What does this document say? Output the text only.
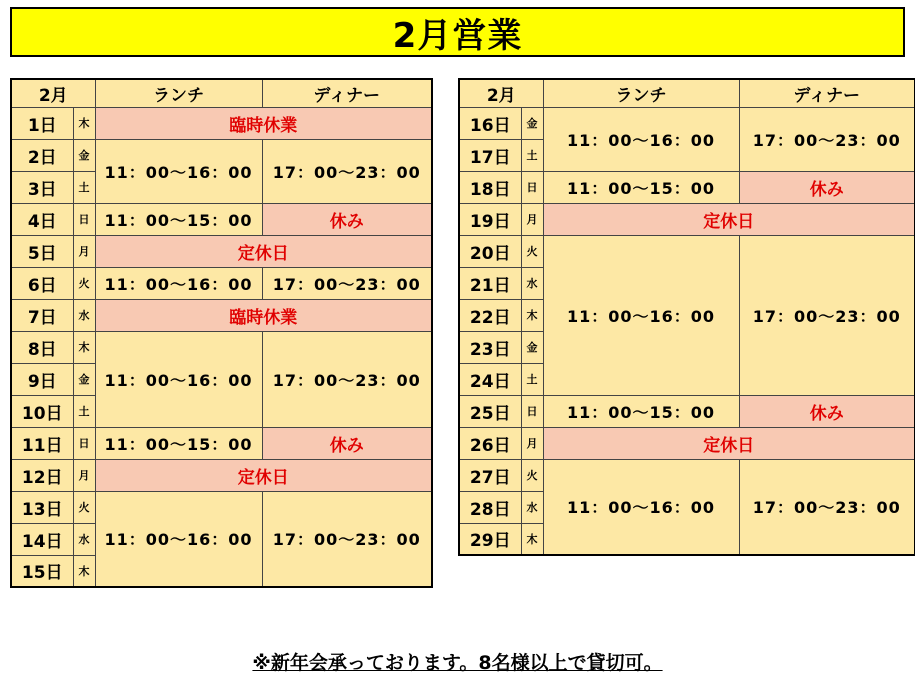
2月営業
2月		ランチ	ディナー
1日	木	臨時休業	
2日	金	11：00〜16：00	17：00〜23：00
3日	土		
4日	日	11：00〜15：00	休み
5日	月	定休日	
6日	火	11：00〜16：00	17：00〜23：00
7日	水	臨時休業	
8日	木	11：00〜16：00	17：00〜23：00
9日	金		
10日	土		
11日	日	11：00〜15：00	休み
12日	月	定休日	
13日	火	11：00〜16：00	17：00〜23：00
14日	水		
15日	木		
2月		ランチ	ディナー
16日	金	11：00〜16：00	17：00〜23：00
17日	土		
18日	日	11：00〜15：00	休み
19日	月	定休日	
20日	火	11：00〜16：00	17：00〜23：00
21日	水		
22日	木		
23日	金		
24日	土		
25日	日	11：00〜15：00	休み
26日	月	定休日	
27日	火	11：00〜16：00	17：00〜23：00
28日	水		
29日	木		
※新年会承っております。8名様以上で貸切可。
